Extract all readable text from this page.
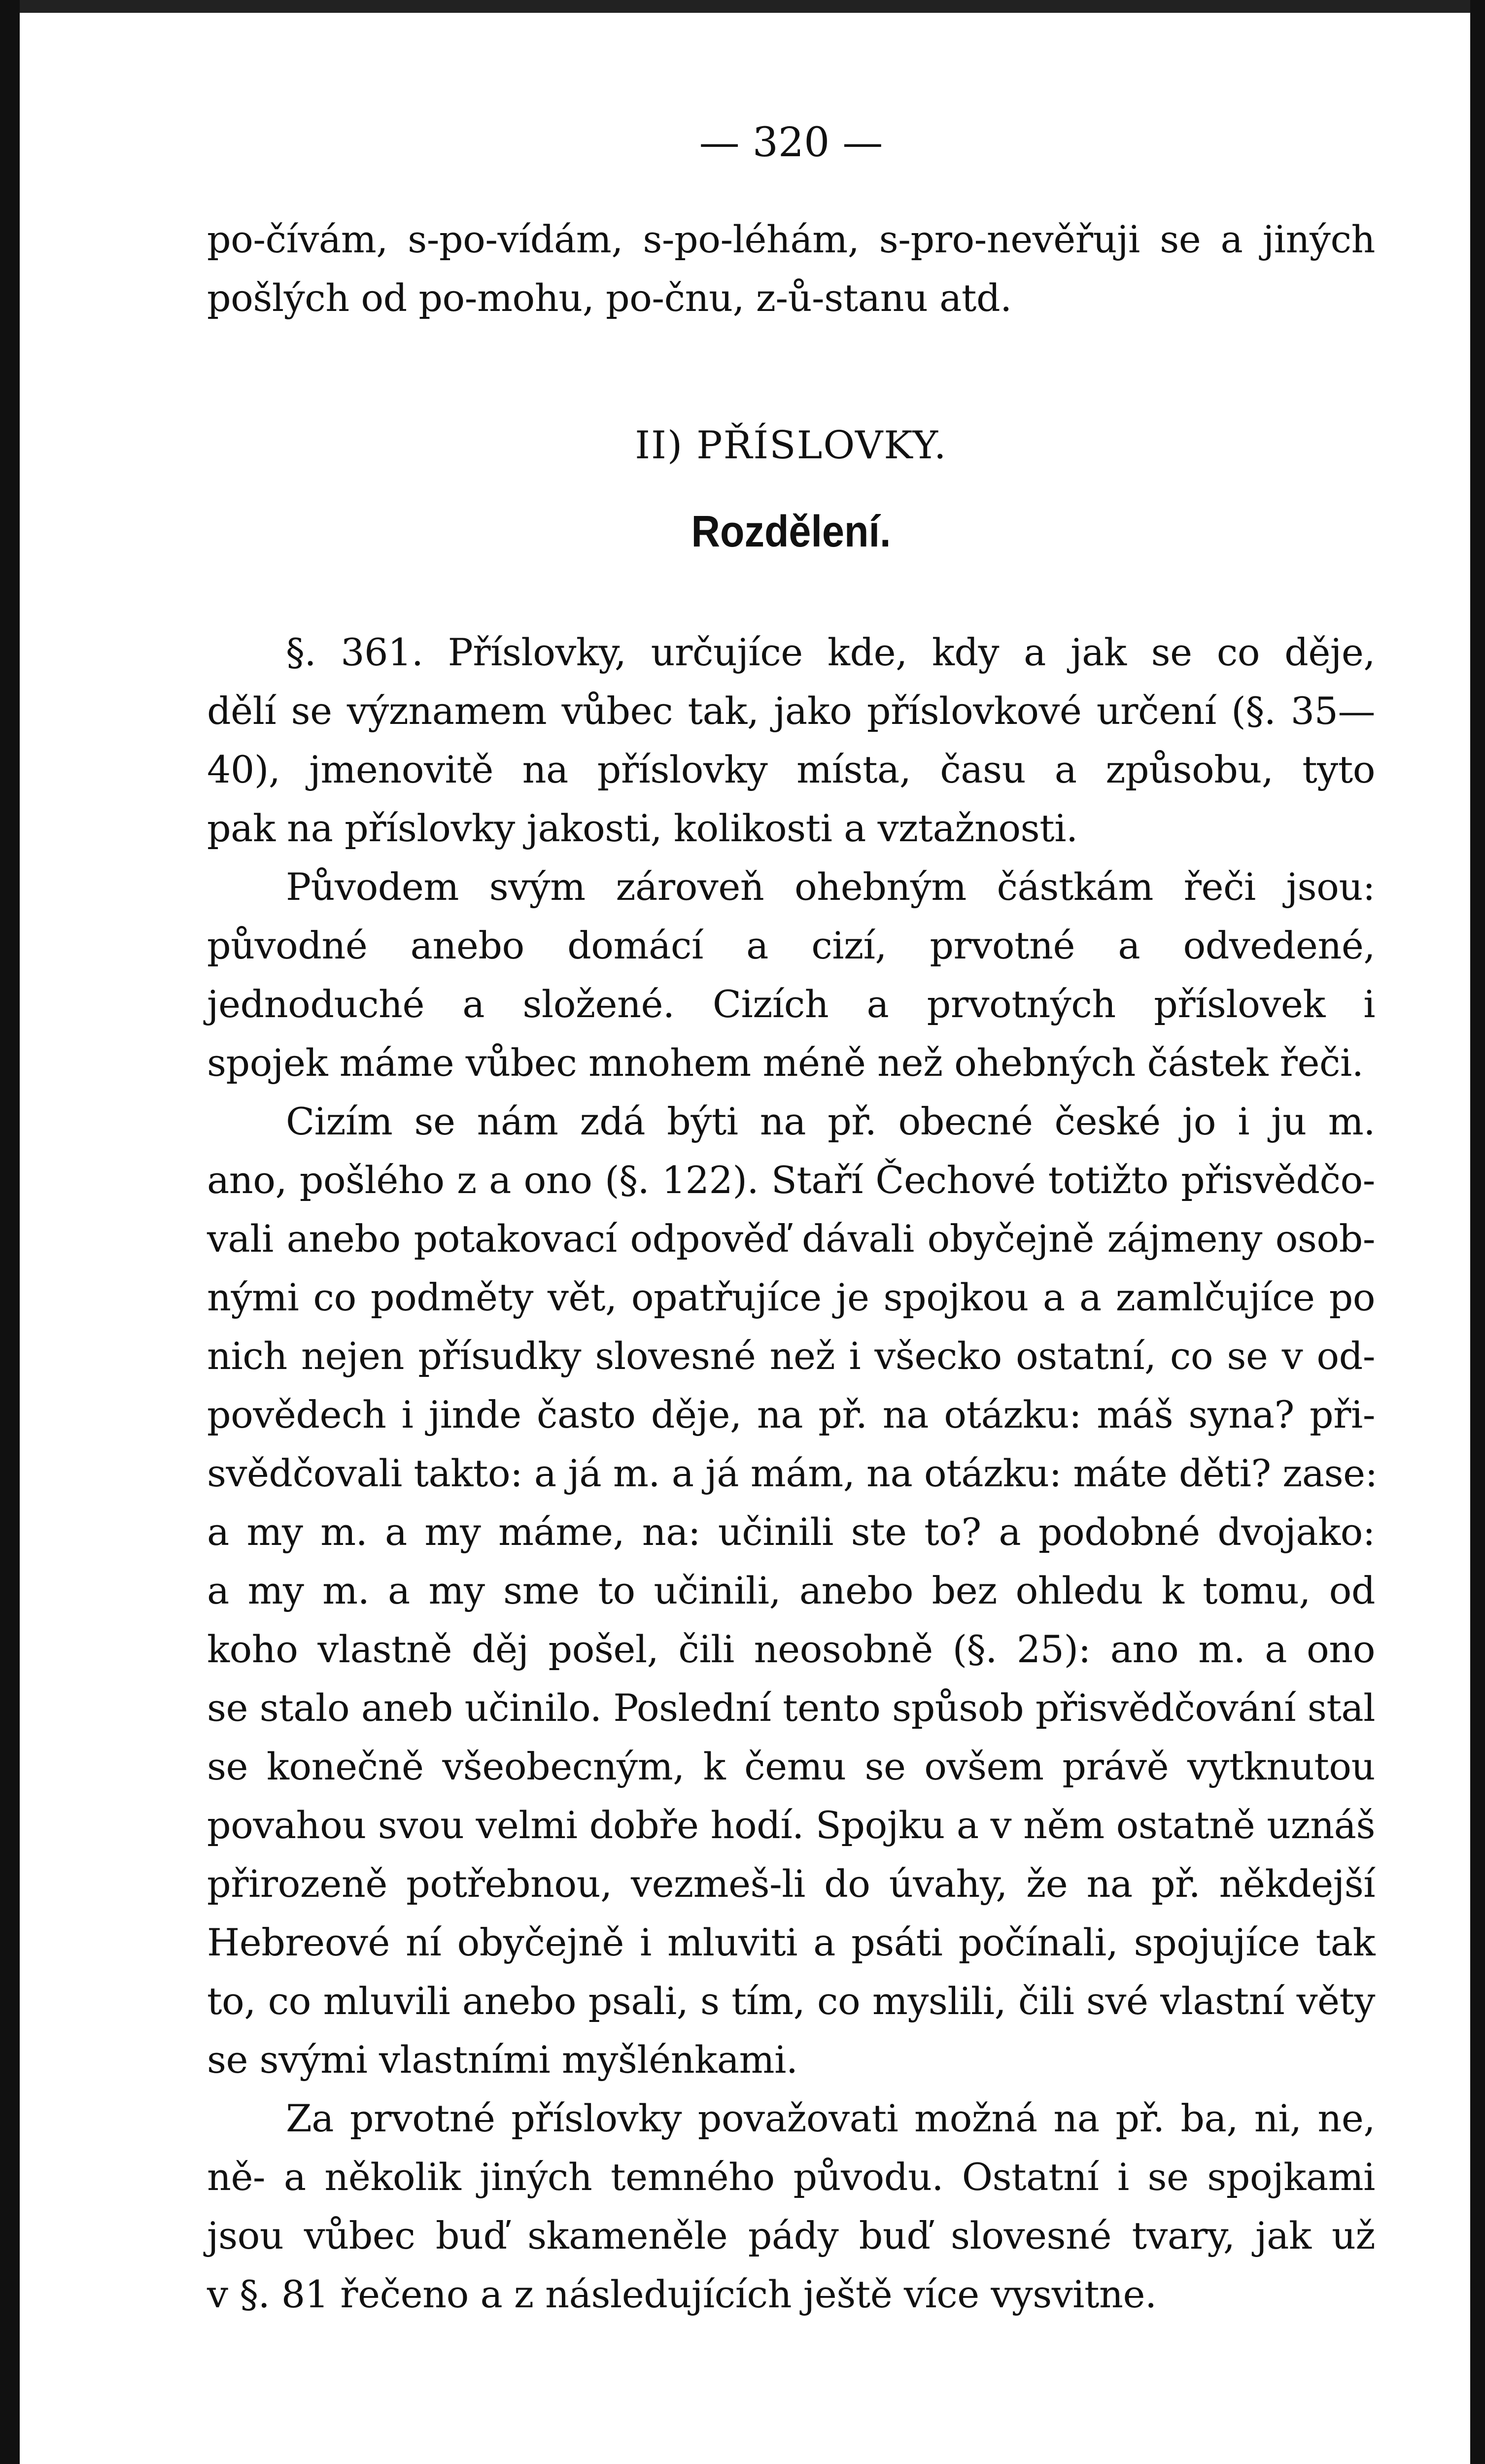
— 320 —
po-čívám, s-po-vídám, s-po-léhám, s-pro-nevěřuji se a jiných
pošlých od po-mohu, po-čnu, z-ů-stanu atd.
II) PŘÍSLOVKY.
Rozdělení.
§. 361. Příslovky, určujíce kde, kdy a jak se co děje,
dělí se významem vůbec tak, jako příslovkové určení (§. 35—
40), jmenovitě na příslovky místa, času a způsobu, tyto
pak na příslovky jakosti, kolikosti a vztažnosti.
Původem svým zároveň ohebným částkám řeči jsou:
původné anebo domácí a cizí, prvotné a odvedené,
jednoduché a složené. Cizích a prvotných příslovek i
spojek máme vůbec mnohem méně než ohebných částek řeči.
Cizím se nám zdá býti na př. obecné české jo i ju m.
ano, pošlého z a ono (§. 122). Staří Čechové totižto přisvědčo-
vali anebo potakovací odpověď dávali obyčejně zájmeny osob-
nými co podměty vět, opatřujíce je spojkou a a zamlčujíce po
nich nejen přísudky slovesné než i všecko ostatní, co se v od-
povědech i jinde často děje, na př. na otázku: máš syna? při-
svědčovali takto: a já m. a já mám, na otázku: máte děti? zase:
a my m. a my máme, na: učinili ste to? a podobné dvojako:
a my m. a my sme to učinili, anebo bez ohledu k tomu, od
koho vlastně děj pošel, čili neosobně (§. 25): ano m. a ono
se stalo aneb učinilo. Poslední tento spůsob přisvědčování stal
se konečně všeobecným, k čemu se ovšem právě vytknutou
povahou svou velmi dobře hodí. Spojku a v něm ostatně uznáš
přirozeně potřebnou, vezmeš-li do úvahy, že na př. někdejší
Hebreové ní obyčejně i mluviti a psáti počínali, spojujíce tak
to, co mluvili anebo psali, s tím, co myslili, čili své vlastní věty
se svými vlastními myšlénkami.
Za prvotné příslovky považovati možná na př. ba, ni, ne,
ně- a několik jiných temného původu. Ostatní i se spojkami
jsou vůbec buď skameněle pády buď slovesné tvary, jak už
v §. 81 řečeno a z následujících ještě více vysvitne.
